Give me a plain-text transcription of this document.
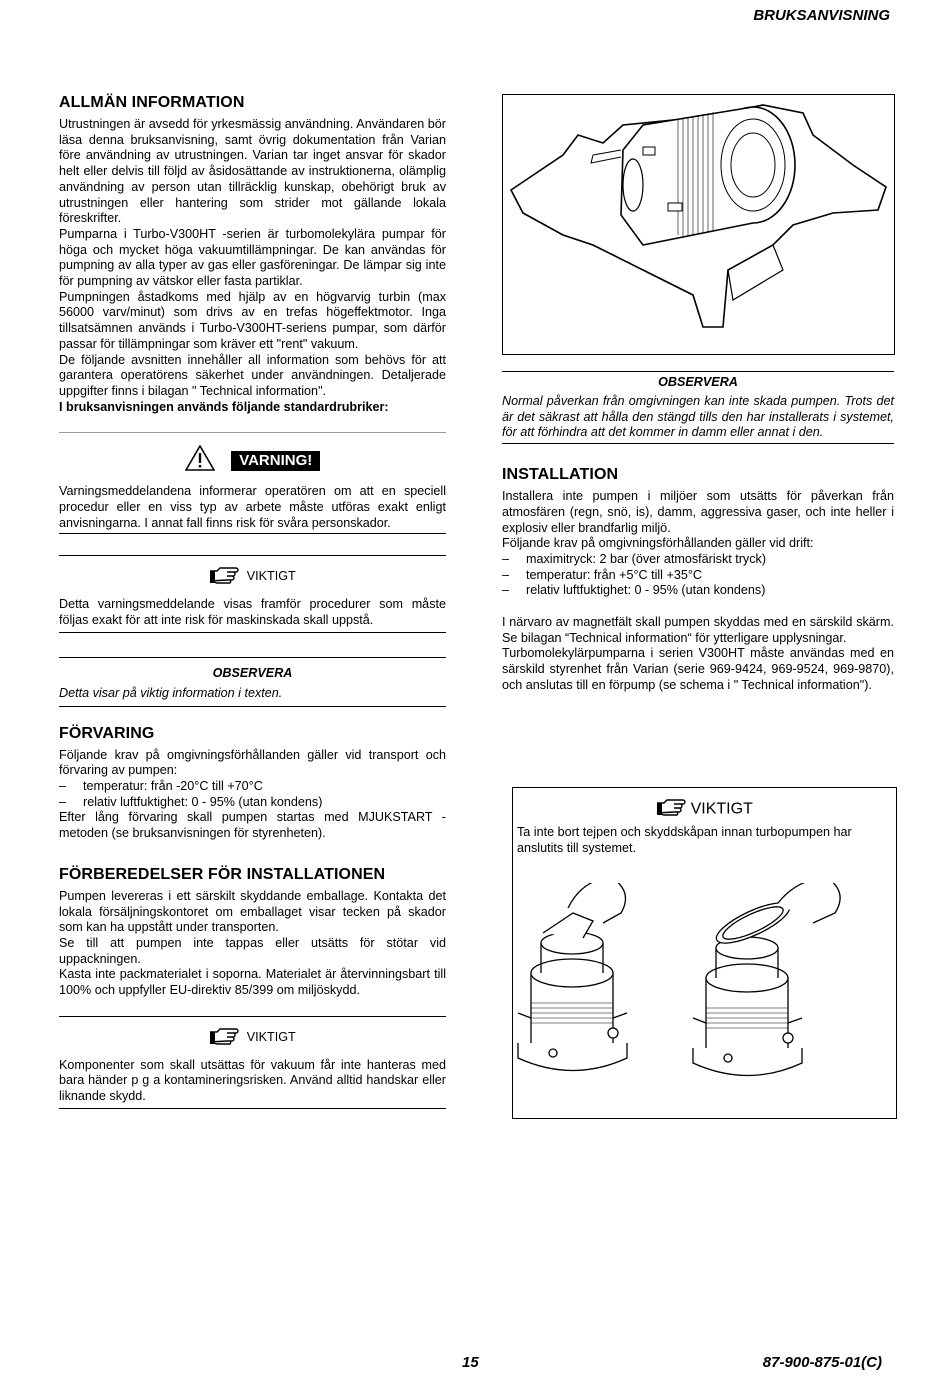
BRUKSANVISNING
ALLMÄN INFORMATION

Utrustningen är avsedd för yrkesmässig användning. Användaren bör läsa denna bruksanvisning, samt övrig dokumentation från Varian före användning av utrustningen. Varian tar inget ansvar för skador helt eller delvis till följd av åsidosättande av instruktionerna, olämplig användning av person utan tillräcklig kunskap, obehörigt bruk av utrustningen eller hantering som strider mot gällande lokala föreskrifter.

Pumparna i Turbo-V300HT -serien är turbomolekylära pumpar för höga och mycket höga vakuumtillämpningar. De kan användas för pumpning av alla typer av gas eller gasföreningar. De lämpar sig inte för pumpning av vätskor eller fasta partiklar.

Pumpningen åstadkoms med hjälp av en högvarvig turbin (max 56000 varv/minut) som drivs av en trefas högeffektmotor. Inga tillsatsämnen används i Turbo-V300HT-seriens pumpar, som därför passar för tillämpningar som kräver ett "rent" vakuum.

De följande avsnitten innehåller all information som behövs för att garantera operatörens säkerhet under användningen. Detaljerade uppgifter finns i bilagan " Technical information".

I bruksanvisningen används följande standardrubriker:

VARNING!

Varningsmeddelandena informerar operatören om att en speciell procedur eller en viss typ av arbete måste utföras exakt enligt anvisningarna. I annat fall finns risk för svåra personskador.

VIKTIGT

Detta varningsmeddelande visas framför procedurer som måste följas exakt för att inte risk för maskinskada skall uppstå.

OBSERVERA

Detta visar på viktig information i texten.

FÖRVARING

Följande krav på omgivningsförhållanden gäller vid transport och förvaring av pumpen:

–	temperatur: från -20°C till +70°C
–	relativ luftfuktighet: 0 - 95% (utan kondens)

Efter lång förvaring skall pumpen startas med MJUKSTART -metoden (se bruksanvisningen för styrenheten).

FÖRBEREDELSER FÖR INSTALLATIONEN

Pumpen levereras i ett särskilt skyddande emballage. Kontakta det lokala försäljningskontoret om emballaget visar tecken på skador som kan ha uppstått under transporten.

Se till att pumpen inte tappas eller utsätts för stötar vid uppackningen.

Kasta inte packmaterialet i soporna. Materialet är återvinningsbart till 100% och uppfyller EU-direktiv 85/399 om miljöskydd.

VIKTIGT

Komponenter som skall utsättas för vakuum får inte hanteras med bara händer p g a kontamineringsrisken. Använd alltid handskar eller liknande skydd.

OBSERVERA

Normal påverkan från omgivningen kan inte skada pumpen. Trots det är det säkrast att hålla den stängd tills den har installerats i systemet, för att förhindra att det kommer in damm eller annat i den.

INSTALLATION

Installera inte pumpen i miljöer som utsätts för påverkan från atmosfären (regn, snö, is), damm, aggressiva gaser, och inte heller i explosiv eller brandfarlig miljö.

Följande krav på omgivningsförhållanden gäller vid drift:

–	maximitryck: 2 bar (över atmosfäriskt tryck)
–	temperatur: från +5°C till +35°C
–	relativ luftfuktighet: 0 - 95% (utan kondens)

I närvaro av magnetfält skall pumpen skyddas med en särskild skärm. Se bilagan “Technical information“ för ytterligare upplysningar.

Turbomolekylärpumparna i serien V300HT måste användas med en särskild styrenhet från Varian (serie 969-9424, 969-9524, 969-9870), och anslutas till en förpump (se schema i " Technical information").

VIKTIGT

Ta inte bort tejpen och skyddskåpan innan turbopumpen har anslutits till systemet.

15	87-900-875-01(C)
